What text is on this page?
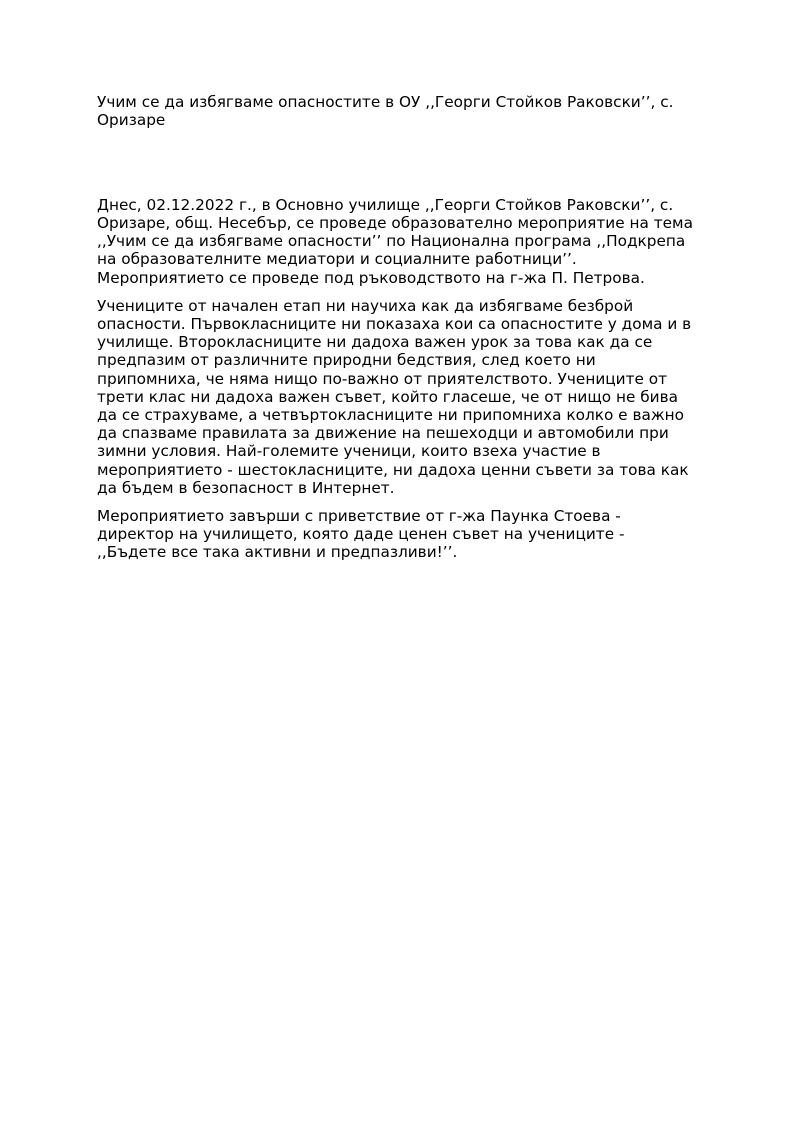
Учим се да избягваме опасностите в ОУ ,,Георги Стойков Раковски’’, с. Оризаре

Днес, 02.12.2022 г., в Основно училище ,,Георги Стойков Раковски’’, с. Оризаре, общ. Несебър, се проведе образователно мероприятие на тема ,,Учим се да избягваме опасности’’ по Национална програма ,,Подкрепа на образователните медиатори и социалните работници’’. Мероприятието се проведе под ръководството на г-жа П. Петрова.

Учениците от начален етап ни научиха как да избягваме безброй опасности. Първокласниците ни показаха кои са опасностите у дома и в училище. Второкласниците ни дадоха важен урок за това как да се предпазим от различните природни бедствия, след което ни припомниха, че няма нищо по-важно от приятелството. Учениците от трети клас ни дадоха важен съвет, който гласеше, че от нищо не бива да се страхуваме, а четвъртокласниците ни припомниха колко е важно да спазваме правилата за движение на пешеходци и автомобили при зимни условия. Най-големите ученици, които взеха участие в мероприятието - шестокласниците, ни дадоха ценни съвети за това как да бъдем в безопасност в Интернет.

Мероприятието завърши с приветствие от г-жа Паунка Стоева - директор на училището, която даде ценен съвет на учениците - ,,Бъдете все така активни и предпазливи!’’.
